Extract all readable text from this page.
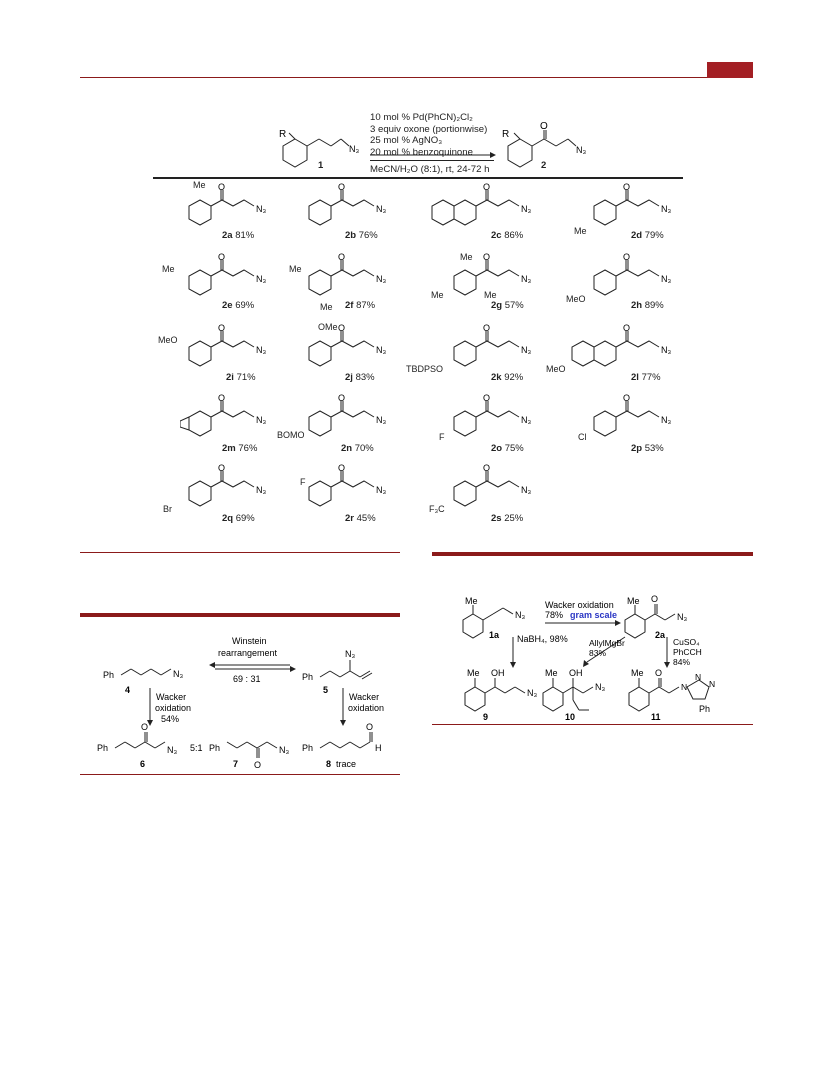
R
N₃
1
10 mol % Pd(PhCN)₂Cl₂
3 equiv oxone (portionwise)
25 mol % AgNO₃
20 mol % benzoquinone
MeCN/H₂O (8:1), rt, 24-72 h
O
R
N₃
2
O
N₃
O
N₃
O
N₃
O
N₃
O
N₃
O
N₃
O
N₃
O
N₃
O
N₃
O
N₃
O
N₃
O
N₃
O
N₃
O
N₃
O
N₃
O
N₃
O
N₃
O
N₃
O
N₃
2a 81%	2b 76%	2c 86%	2d 79%
2e 69%	2f 87%	2g 57%	2h 89%
2i 71%	2j 83%	2k 92%	2l 77%
2m 76%	2n 70%	2o 75%	2p 53%
2q 69%	2r 45%	2s 25%
Me
Me
Me	Me
Me
Me
Me	Me	MeO
MeO
OMe
TBDPSO	MeO
BOMO	F	Cl
Br
F
F₃C
Ph	N₃
4
Ph
N₃
5
Winstein
rearrangement
69 : 31
Wacker
oxidation
54%
Wacker
oxidation
O
Ph	N₃
6
5:1 Ph	N₃
O
7
Ph
O
H
8 trace
Me
N₃
1a
Wacker oxidation
78% gram scale
Me O
N₃
2a
NaBH₄, 98%	AllylMgBr
83%
CuSO₄
PhCCH
84%
Me OH
N₃
9
Me OH
N₃
10
Me O
N
N
N
Ph
11
